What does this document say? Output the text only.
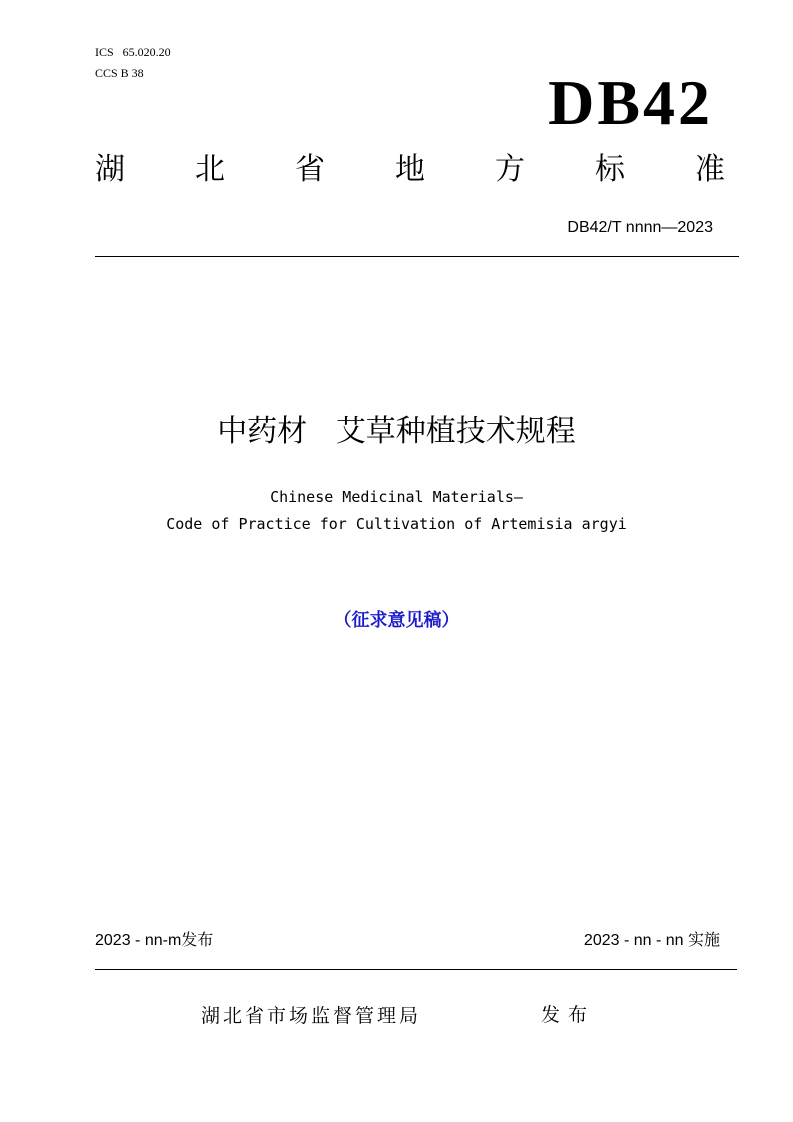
ICS   65.020.20
CCS B 38	DB42
湖 北 省 地 方 标 准
DB42/T nnnn—2023
中药材   艾草种植技术规程
Chinese Medicinal Materials—
Code of Practice for Cultivation of Artemisia argyi
（征求意见稿）
2023 - nn-m发布	2023 - nn - nn 实施
湖北省市场监督管理局	发布
